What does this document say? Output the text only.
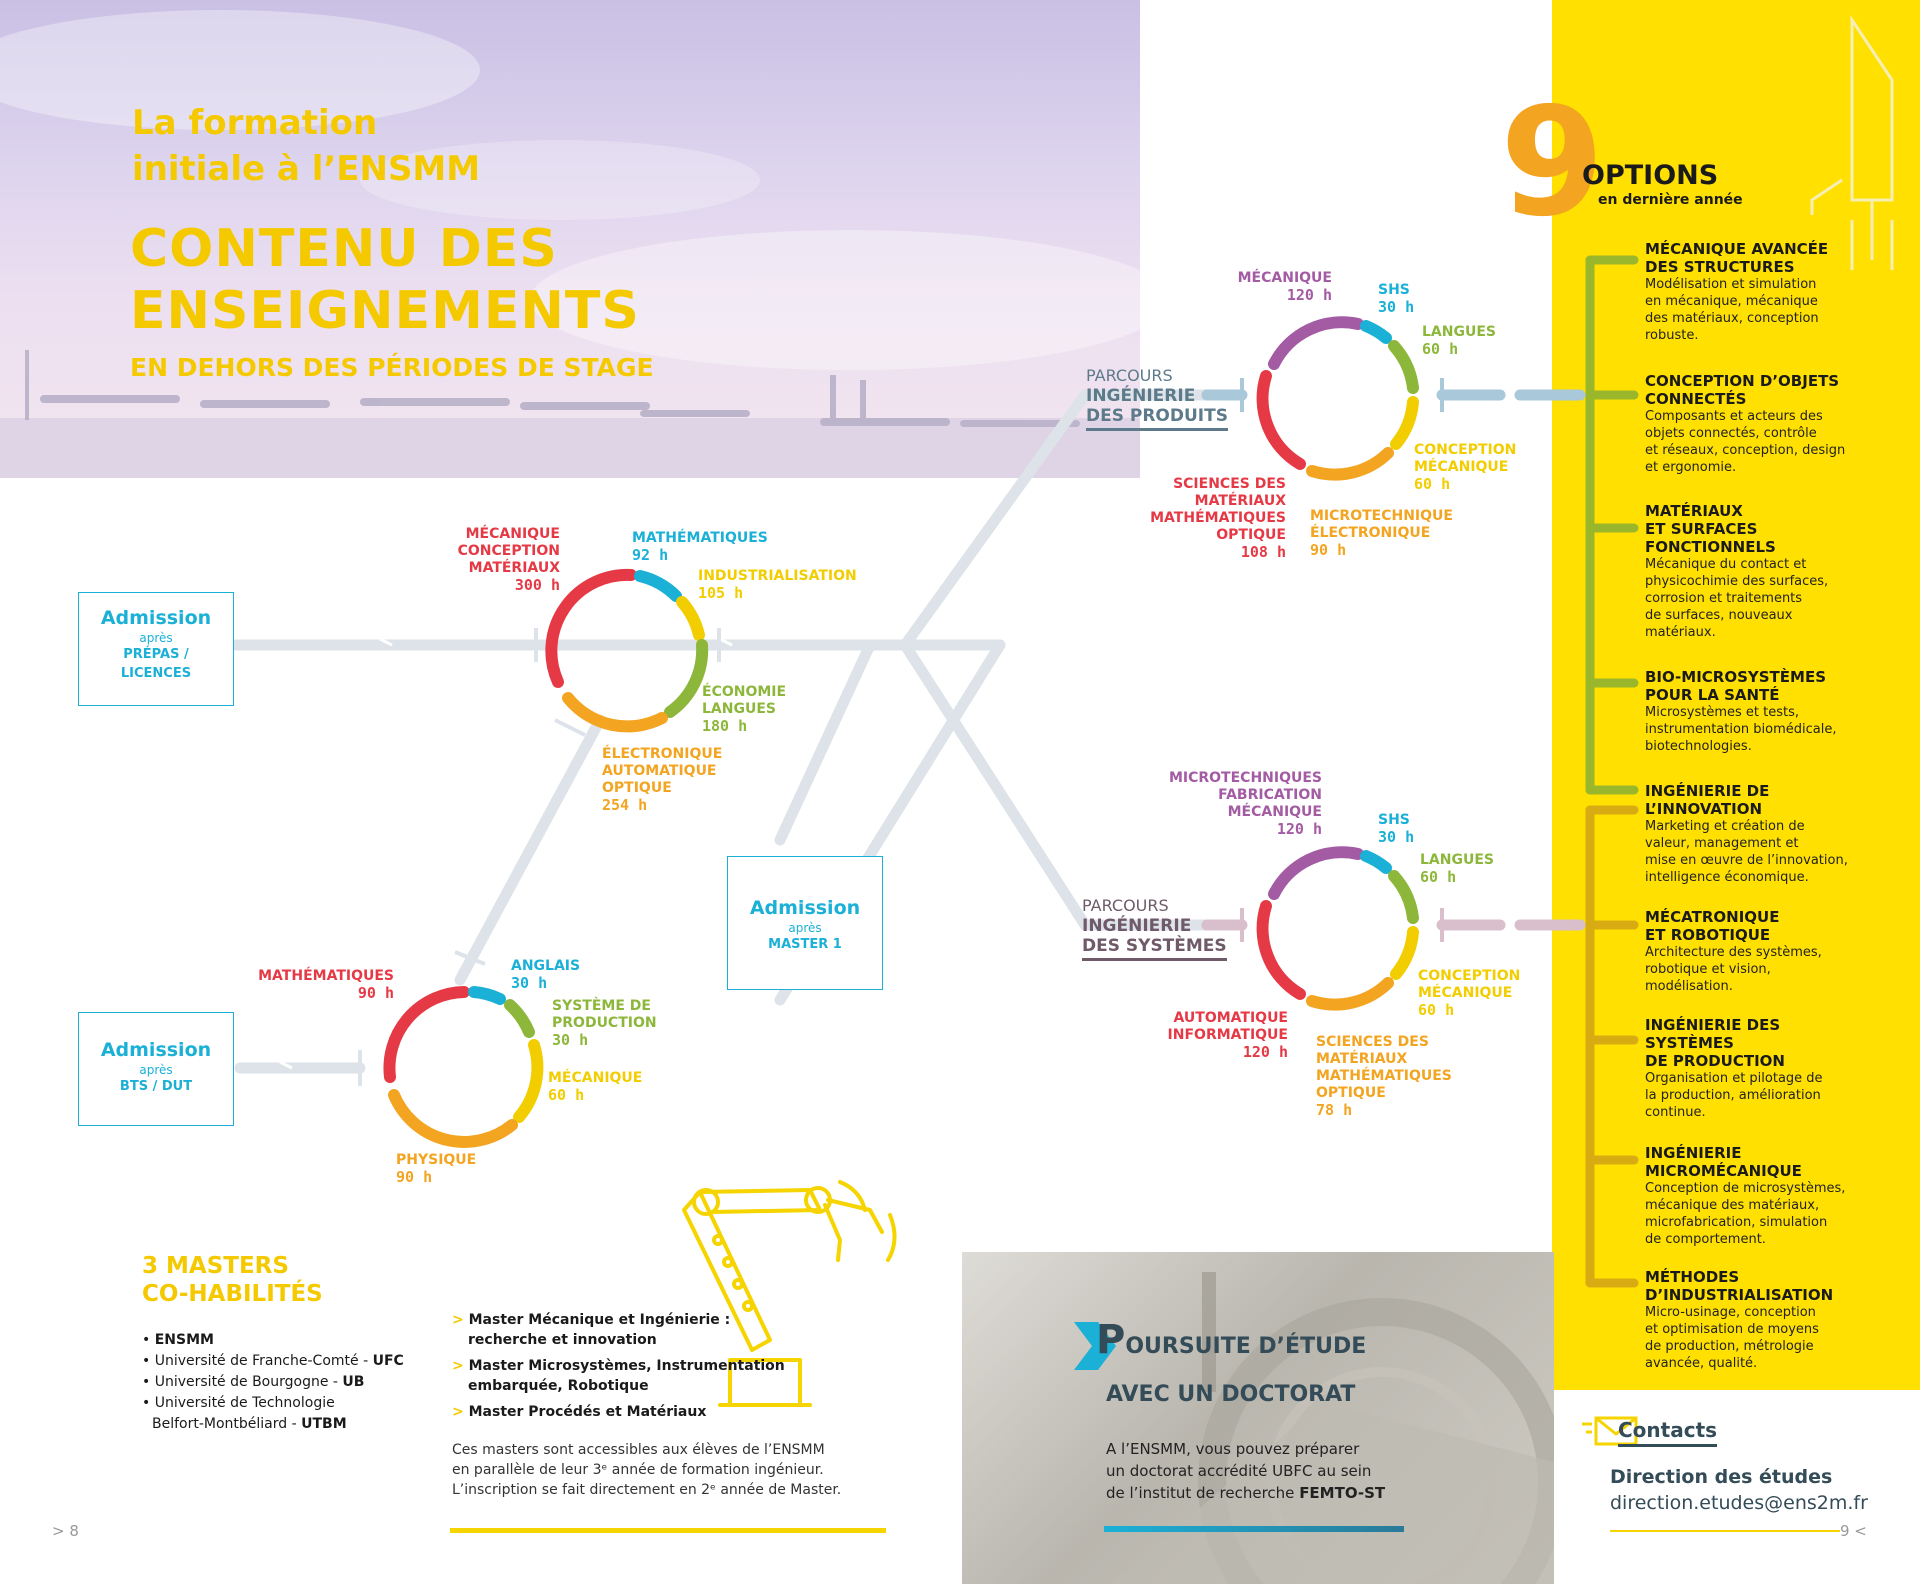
La formation
initiale à l’ENSMM
CONTENU DES
ENSEIGNEMENTS
EN DEHORS DES PÉRIODES DE STAGE
Admission
après
PRÉPAS /
LICENCES
Admission
après
BTS / DUT
Admission
après
MASTER 1
MÉCANIQUE
CONCEPTION
MATÉRIAUX
300 h
MATHÉMATIQUES
92 h
INDUSTRIALISATION
105 h
ÉCONOMIE
LANGUES
180 h
ÉLECTRONIQUE
AUTOMATIQUE
OPTIQUE
254 h
MATHÉMATIQUES
90 h
ANGLAIS
30 h
SYSTÈME DE
PRODUCTION
30 h
MÉCANIQUE
60 h
PHYSIQUE
90 h
PARCOURS
INGÉNIERIE
DES PRODUITS
MÉCANIQUE
120 h	SHS
30 h
LANGUES
60 h
CONCEPTION
MÉCANIQUE
60 h
MICROTECHNIQUE
ÉLECTRONIQUE
90 h
SCIENCES DES
MATÉRIAUX
MATHÉMATIQUES
OPTIQUE
108 h
PARCOURS
INGÉNIERIE
DES SYSTÈMES
MICROTECHNIQUES
FABRICATION
MÉCANIQUE
120 h	SHS
30 h
LANGUES
60 h
CONCEPTION
MÉCANIQUE
60 h
SCIENCES DES
MATÉRIAUX
MATHÉMATIQUES
OPTIQUE
78 h
AUTOMATIQUE
INFORMATIQUE
120 h
9
OPTIONS
en dernière année
MÉCANIQUE AVANCÉE
DES STRUCTURES
Modélisation et simulation
en mécanique, mécanique
des matériaux, conception
robuste.
CONCEPTION D’OBJETS
CONNECTÉS
Composants et acteurs des
objets connectés, contrôle
et réseaux, conception, design
et ergonomie.
MATÉRIAUX
ET SURFACES
FONCTIONNELS
Mécanique du contact et
physicochimie des surfaces,
corrosion et traitements
de surfaces, nouveaux
matériaux.
BIO-MICROSYSTÈMES
POUR LA SANTÉ
Microsystèmes et tests,
instrumentation biomédicale,
biotechnologies.
INGÉNIERIE DE
L’INNOVATION
Marketing et création de
valeur, management et
mise en œuvre de l’innovation,
intelligence économique.
MÉCATRONIQUE
ET ROBOTIQUE
Architecture des systèmes,
robotique et vision,
modélisation.
INGÉNIERIE DES
SYSTÈMES
DE PRODUCTION
Organisation et pilotage de
la production, amélioration
continue.
INGÉNIERIE
MICROMÉCANIQUE
Conception de microsystèmes,
mécanique des matériaux,
microfabrication, simulation
de comportement.
MÉTHODES
D’INDUSTRIALISATION
Micro-usinage, conception
et optimisation de moyens
de production, métrologie
avancée, qualité.
3 MASTERS
CO-HABILITÉS
• ENSMM
• Université de Franche-Comté - UFC
• Université de Bourgogne - UB
• Université de Technologie
Belfort-Montbéliard - UTBM
> Master Mécanique et Ingénierie :
recherche et innovation
> Master Microsystèmes, Instrumentation
embarquée, Robotique
> Master Procédés et Matériaux
Ces masters sont accessibles aux élèves de l’ENSMM
en parallèle de leur 3ᵉ année de formation ingénieur.
L’inscription se fait directement en 2ᵉ année de Master.
> 8
POURSUITE D’ÉTUDE
AVEC UN DOCTORAT
A l’ENSMM, vous pouvez préparer
un doctorat accrédité UBFC au sein
de l’institut de recherche FEMTO-ST
Contacts
Direction des études
direction.etudes@ens2m.fr
9 <
